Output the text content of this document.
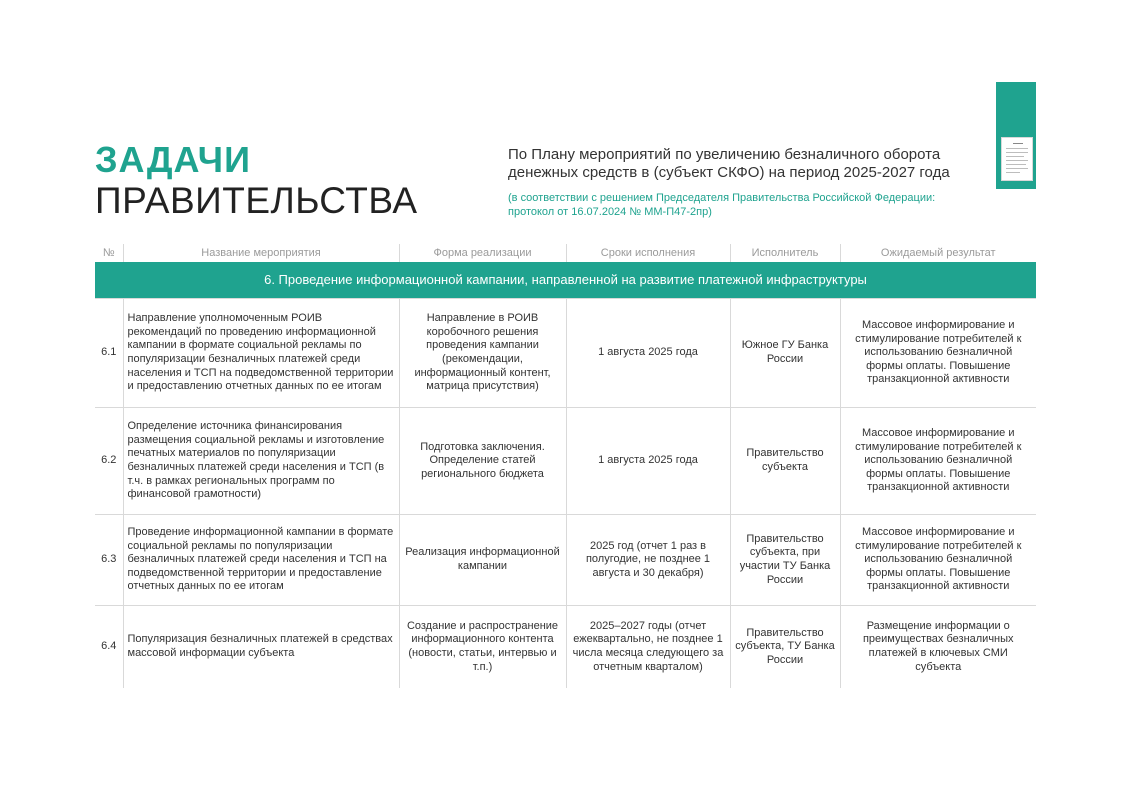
ЗАДАЧИ
ПРАВИТЕЛЬСТВА
По Плану мероприятий по увеличению безналичного оборота денежных средств в (субъект СКФО) на период 2025-2027 года
(в соответствии с решением Председателя Правительства Российской Федерации: протокол от 16.07.2024 № ММ-П47-2пр)
№	Название мероприятия	Форма реализации	Сроки исполнения	Исполнитель	Ожидаемый результат
6. Проведение информационной кампании, направленной на развитие платежной инфраструктуры					
6.1	Направление уполномоченным РОИВ рекомендаций по проведению информационной кампании в формате социальной рекламы по популяризации безналичных платежей среди населения и ТСП на подведомственной территории и предоставлению отчетных данных по ее итогам	Направление в РОИВ коробочного решения проведения кампании (рекомендации, информационный контент, матрица присутствия)	1 августа 2025 года	Южное ГУ Банка России	Массовое информирование и стимулирование потребителей к использованию безналичной формы оплаты. Повышение транзакционной активности
6.2	Определение источника финансирования размещения социальной рекламы и изготовление печатных материалов по популяризации безналичных платежей среди населения и ТСП (в т.ч. в рамках региональных программ по финансовой грамотности)	Подготовка заключения. Определение статей регионального бюджета	1 августа 2025 года	Правительство субъекта	Массовое информирование и стимулирование потребителей к использованию безналичной формы оплаты. Повышение транзакционной активности
6.3	Проведение информационной кампании в формате социальной рекламы по популяризации безналичных платежей среди населения и ТСП на подведомственной территории и предоставление отчетных данных по ее итогам	Реализация информационной кампании	2025 год (отчет 1 раз в полугодие, не позднее 1 августа и 30 декабря)	Правительство субъекта, при участии ТУ Банка России	Массовое информирование и стимулирование потребителей к использованию безналичной формы оплаты. Повышение транзакционной активности
6.4	Популяризация безналичных платежей в средствах массовой информации субъекта	Создание и распространение информационного контента (новости, статьи, интервью и т.п.)	2025–2027 годы (отчет ежеквартально, не позднее 1 числа месяца следующего за отчетным кварталом)	Правительство субъекта, ТУ Банка России	Размещение информации о преимуществах безналичных платежей в ключевых СМИ субъекта
